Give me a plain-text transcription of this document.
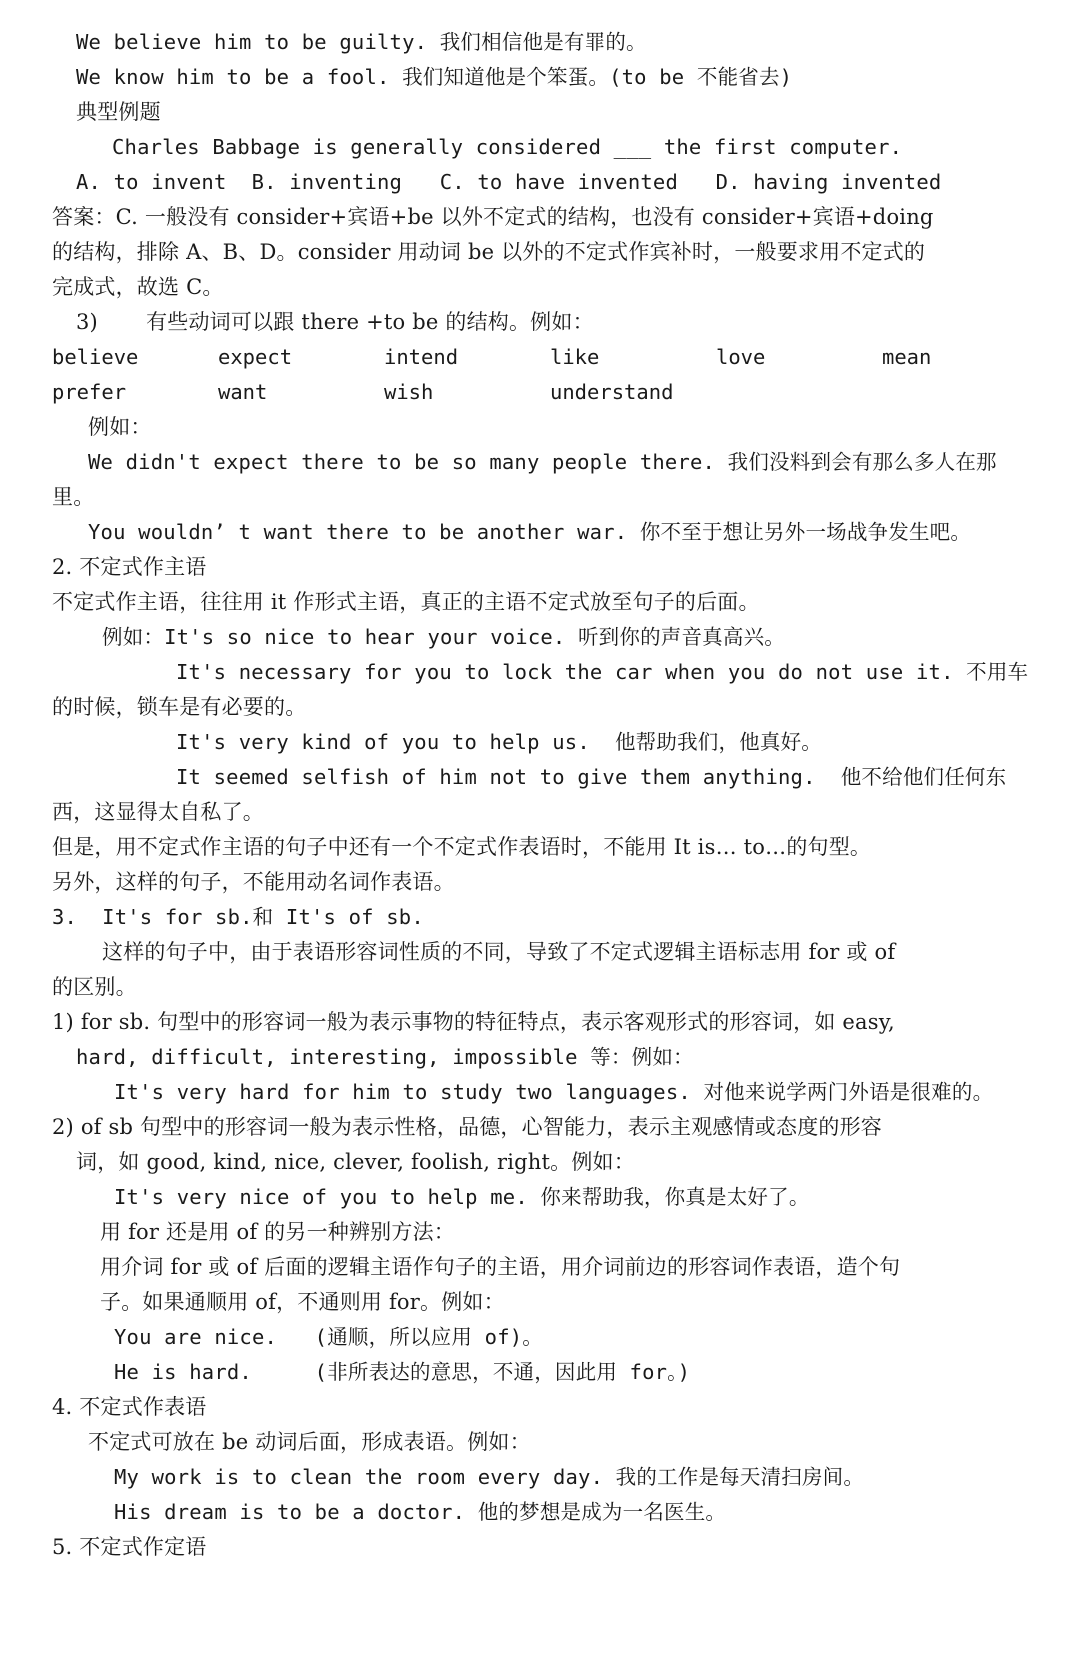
We believe him to be guilty. 我们相信他是有罪的。
We know him to be a fool. 我们知道他是个笨蛋。(to be 不能省去)
典型例题
Charles Babbage is generally considered ___ the first computer.
A. to invent  B. inventing   C. to have invented   D. having invented
答案：C. 一般没有 consider+宾语+be 以外不定式的结构，也没有 consider+宾语+doing
的结构，排除 A、B、D。consider 用动词 be 以外的不定式作宾补时，一般要求用不定式的
完成式，故选 C。
3)       有些动词可以跟 there +to be 的结构。例如：
believe	expect	intend	like	love	mean
prefer	want	wish	understand
例如：
We didn't expect there to be so many people there. 我们没料到会有那么多人在那
里。
You wouldn’ t want there to be another war. 你不至于想让另外一场战争发生吧。
2. 不定式作主语
不定式作主语，往往用 it 作形式主语，真正的主语不定式放至句子的后面。
例如：It's so nice to hear your voice. 听到你的声音真高兴。
It's necessary for you to lock the car when you do not use it. 不用车
的时候，锁车是有必要的。
It's very kind of you to help us.  他帮助我们，他真好。
It seemed selfish of him not to give them anything.  他不给他们任何东
西，这显得太自私了。
但是，用不定式作主语的句子中还有一个不定式作表语时，不能用 It is… to…的句型。
另外，这样的句子，不能用动名词作表语。
3.  It's for sb.和 It's of sb.
这样的句子中，由于表语形容词性质的不同，导致了不定式逻辑主语标志用 for 或 of
的区别。
1) for sb. 句型中的形容词一般为表示事物的特征特点，表示客观形式的形容词，如 easy,
hard, difficult, interesting, impossible 等：例如：
It's very hard for him to study two languages. 对他来说学两门外语是很难的。
2) of sb 句型中的形容词一般为表示性格，品德，心智能力，表示主观感情或态度的形容
词，如 good, kind, nice, clever, foolish, right。例如：
It's very nice of you to help me. 你来帮助我，你真是太好了。
用 for 还是用 of 的另一种辨别方法：
用介词 for 或 of 后面的逻辑主语作句子的主语，用介词前边的形容词作表语，造个句
子。如果通顺用 of，不通则用 for。例如：
You are nice.   (通顺，所以应用 of)。
He is hard.     (非所表达的意思，不通，因此用 for。)
4. 不定式作表语
不定式可放在 be 动词后面，形成表语。例如：
My work is to clean the room every day. 我的工作是每天清扫房间。
His dream is to be a doctor. 他的梦想是成为一名医生。
5. 不定式作定语
